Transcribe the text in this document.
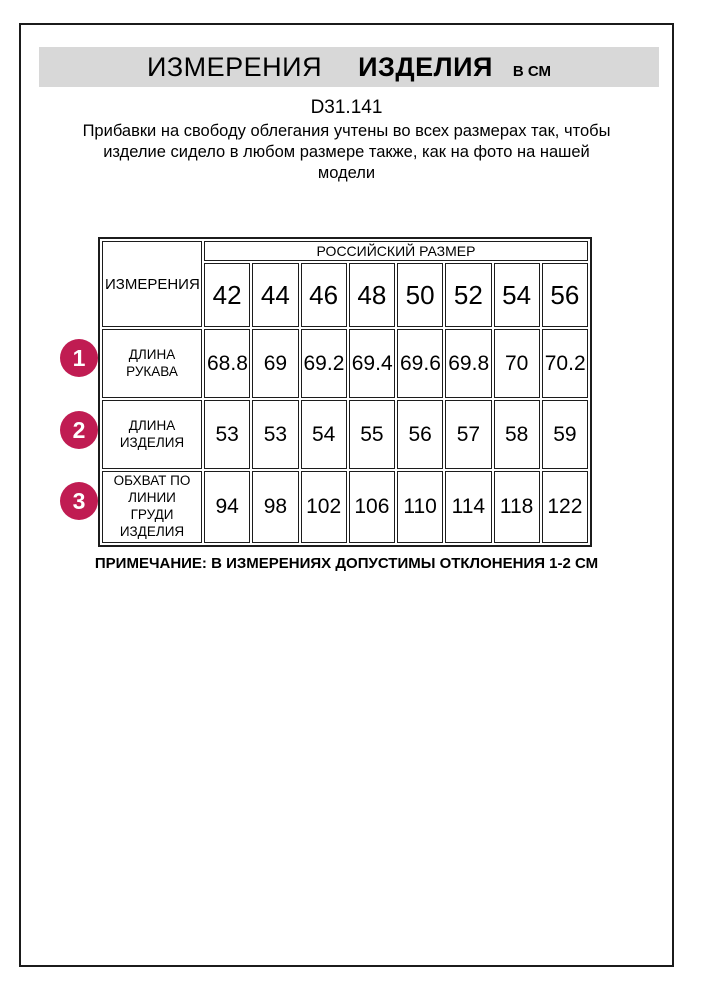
ИЗМЕРЕНИЯ ИЗДЕЛИЯ В СМ
D31.141
Прибавки на свободу облегания учтены во всех размерах так, чтобы
изделие сидело в любом размере также, как на фото на нашей
модели
ИЗМЕРЕНИЯ	РОССИЙСКИЙ РАЗМЕР							
	42	44	46	48	50	52	54	56
ДЛИНА РУКАВА	68.8	69	69.2	69.4	69.6	69.8	70	70.2
ДЛИНА ИЗДЕЛИЯ	53	53	54	55	56	57	58	59
ОБХВАТ ПО ЛИНИИ ГРУДИ ИЗДЕЛИЯ	94	98	102	106	110	114	118	122
1
2
3
ПРИМЕЧАНИЕ: В ИЗМЕРЕНИЯХ ДОПУСТИМЫ ОТКЛОНЕНИЯ 1-2 СМ
